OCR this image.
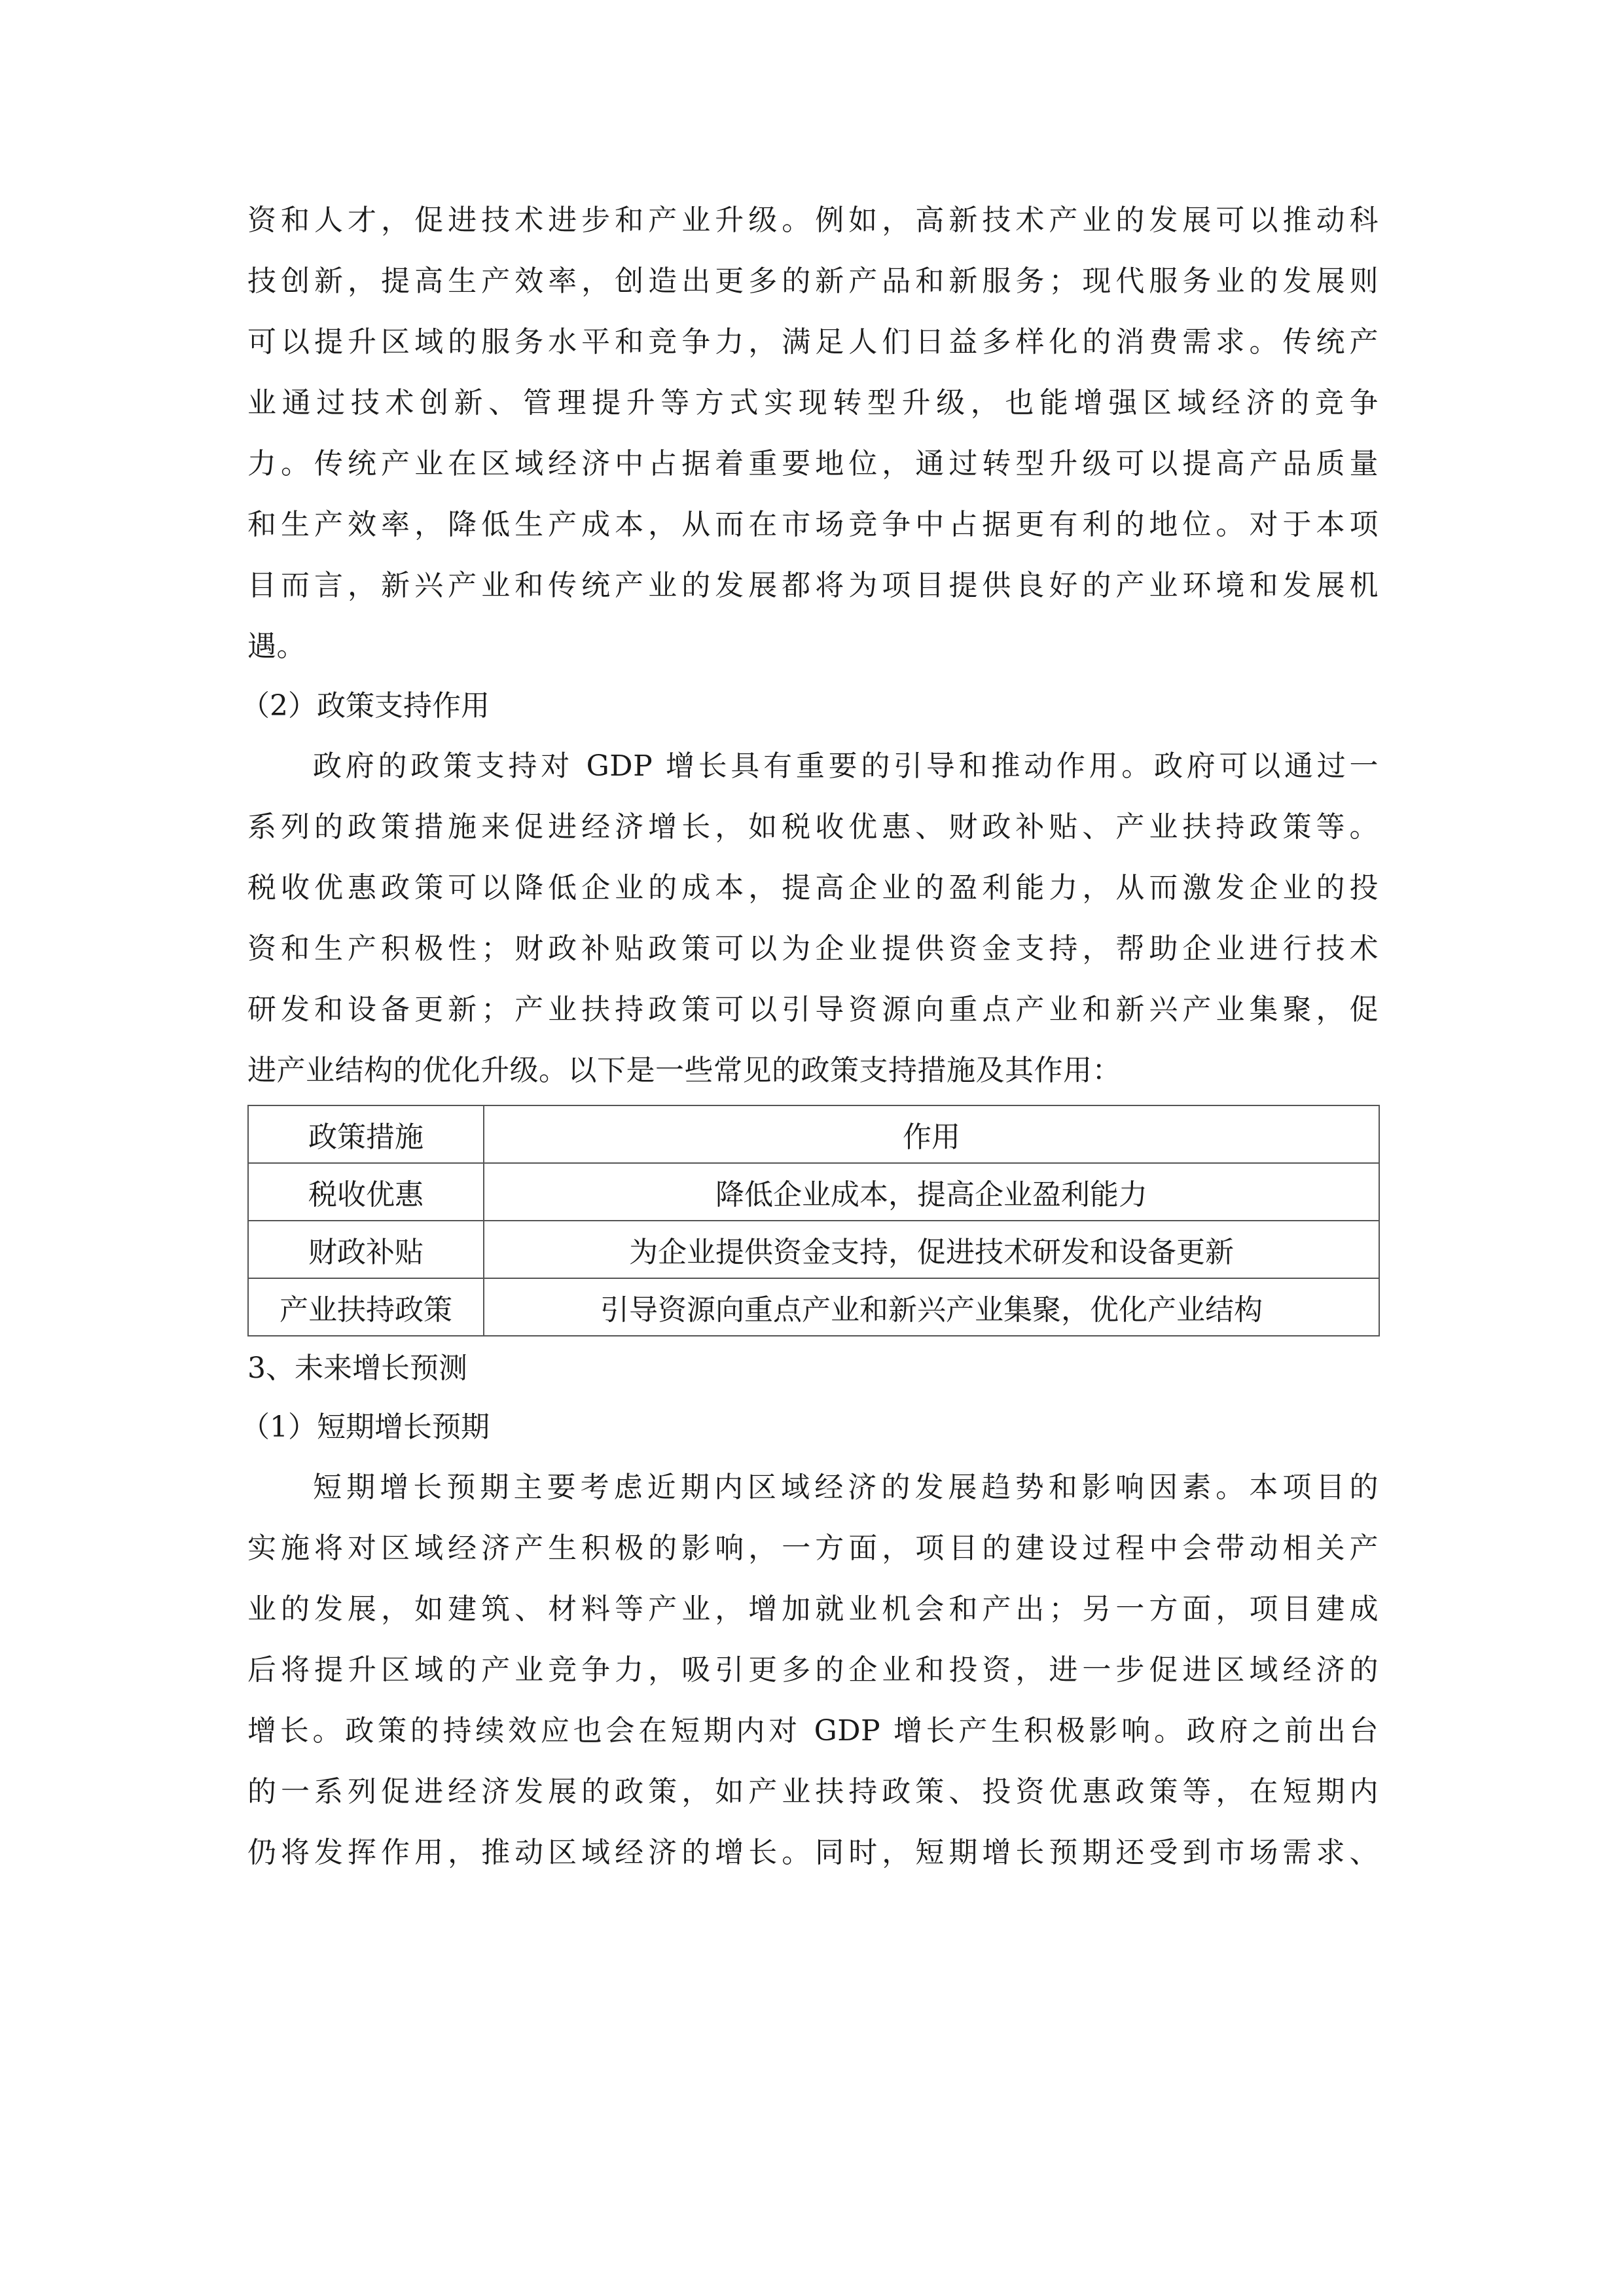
资和人才，促进技术进步和产业升级。例如，高新技术产业的发展可以推动科
技创新，提高生产效率，创造出更多的新产品和新服务；现代服务业的发展则
可以提升区域的服务水平和竞争力，满足人们日益多样化的消费需求。传统产
业通过技术创新、管理提升等方式实现转型升级，也能增强区域经济的竞争
力。传统产业在区域经济中占据着重要地位，通过转型升级可以提高产品质量
和生产效率，降低生产成本，从而在市场竞争中占据更有利的地位。对于本项
目而言，新兴产业和传统产业的发展都将为项目提供良好的产业环境和发展机
遇。
（2）政策支持作用
政府的政策支持对 GDP 增长具有重要的引导和推动作用。政府可以通过一
系列的政策措施来促进经济增长，如税收优惠、财政补贴、产业扶持政策等。
税收优惠政策可以降低企业的成本，提高企业的盈利能力，从而激发企业的投
资和生产积极性；财政补贴政策可以为企业提供资金支持，帮助企业进行技术
研发和设备更新；产业扶持政策可以引导资源向重点产业和新兴产业集聚，促
进产业结构的优化升级。以下是一些常见的政策支持措施及其作用：
政策措施	作用
税收优惠	降低企业成本，提高企业盈利能力
财政补贴	为企业提供资金支持，促进技术研发和设备更新
产业扶持政策	引导资源向重点产业和新兴产业集聚，优化产业结构
3、未来增长预测
（1）短期增长预期
短期增长预期主要考虑近期内区域经济的发展趋势和影响因素。本项目的
实施将对区域经济产生积极的影响，一方面，项目的建设过程中会带动相关产
业的发展，如建筑、材料等产业，增加就业机会和产出；另一方面，项目建成
后将提升区域的产业竞争力，吸引更多的企业和投资，进一步促进区域经济的
增长。政策的持续效应也会在短期内对 GDP 增长产生积极影响。政府之前出台
的一系列促进经济发展的政策，如产业扶持政策、投资优惠政策等，在短期内
仍将发挥作用，推动区域经济的增长。同时，短期增长预期还受到市场需求、
